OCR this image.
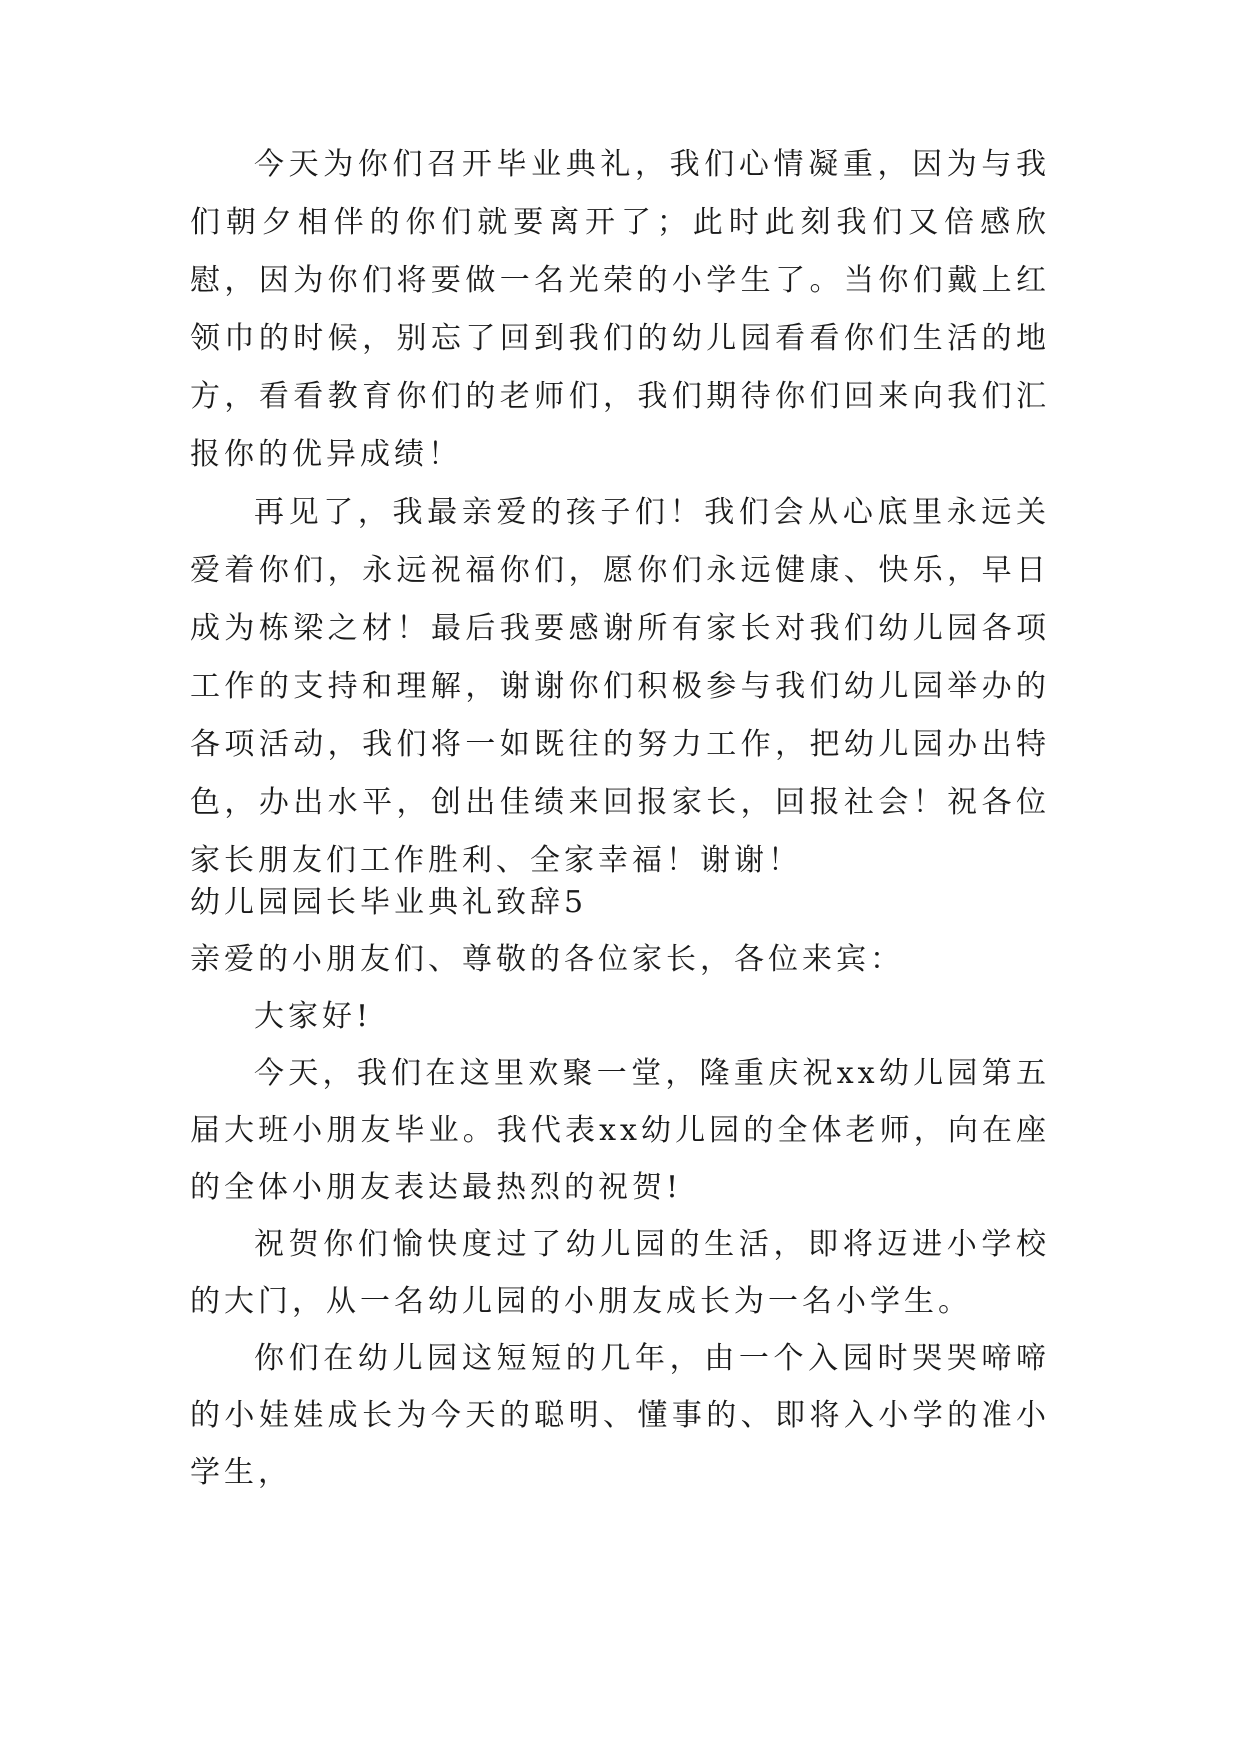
今天为你们召开毕业典礼，我们心情凝重，因为与我们朝夕相伴的你们就要离开了；此时此刻我们又倍感欣慰，因为你们将要做一名光荣的小学生了。当你们戴上红领巾的时候，别忘了回到我们的幼儿园看看你们生活的地方，看看教育你们的老师们，我们期待你们回来向我们汇报你的优异成绩！

再见了，我最亲爱的孩子们！我们会从心底里永远关爱着你们，永远祝福你们，愿你们永远健康、快乐，早日成为栋梁之材！最后我要感谢所有家长对我们幼儿园各项工作的支持和理解，谢谢你们积极参与我们幼儿园举办的各项活动，我们将一如既往的努力工作，把幼儿园办出特色，办出水平，创出佳绩来回报家长，回报社会！祝各位家长朋友们工作胜利、全家幸福！谢谢！

幼儿园园长毕业典礼致辞5

亲爱的小朋友们、尊敬的各位家长，各位来宾：

大家好!

今天，我们在这里欢聚一堂，隆重庆祝xx幼儿园第五届大班小朋友毕业。我代表xx幼儿园的全体老师，向在座的全体小朋友表达最热烈的祝贺!

祝贺你们愉快度过了幼儿园的生活，即将迈进小学校的大门，从一名幼儿园的小朋友成长为一名小学生。

你们在幼儿园这短短的几年，由一个入园时哭哭啼啼的小娃娃成长为今天的聪明、懂事的、即将入小学的准小学生，
